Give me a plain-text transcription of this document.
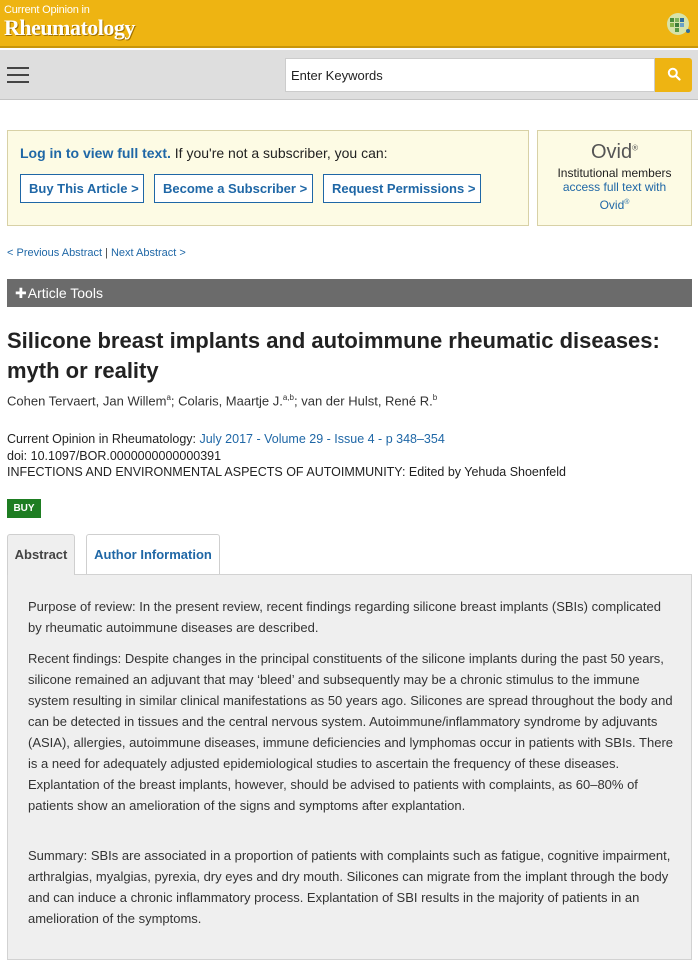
Current Opinion in
Rheumatology
Enter Keywords
Log in to view full text. If you're not a subscriber, you can:
Buy This Article >	Become a Subscriber >	Request Permissions >
Ovid®
Institutional members
access full text with
Ovid®
< Previous Abstract | Next Abstract >
✚Article Tools
Silicone breast implants and autoimmune rheumatic diseases: myth or reality
Cohen Tervaert, Jan Willem$^a$; Colaris, Maartje J.$^{a,b}$; van der Hulst, René R.$^b$
Current Opinion in Rheumatology: July 2017 - Volume 29 - Issue 4 - p 348–354
doi: 10.1097/BOR.0000000000000391
INFECTIONS AND ENVIRONMENTAL ASPECTS OF AUTOIMMUNITY: Edited by Yehuda Shoenfeld
BUY
Abstract	Author Information

Purpose of review: In the present review, recent findings regarding silicone breast implants (SBIs) complicated by rheumatic autoimmune diseases are described.

Recent findings: Despite changes in the principal constituents of the silicone implants during the past 50 years, silicone remained an adjuvant that may ‘bleed’ and subsequently may be a chronic stimulus to the immune system resulting in similar clinical manifestations as 50 years ago. Silicones are spread throughout the body and can be detected in tissues and the central nervous system. Autoimmune/inflammatory syndrome by adjuvants (ASIA), allergies, autoimmune diseases, immune deficiencies and lymphomas occur in patients with SBIs. There is a need for adequately adjusted epidemiological studies to ascertain the frequency of these diseases. Explantation of the breast implants, however, should be advised to patients with complaints, as 60–80% of patients show an amelioration of the signs and symptoms after explantation.

Summary: SBIs are associated in a proportion of patients with complaints such as fatigue, cognitive impairment, arthralgias, myalgias, pyrexia, dry eyes and dry mouth. Silicones can migrate from the implant through the body and can induce a chronic inflammatory process. Explantation of SBI results in the majority of patients in an amelioration of the symptoms.
